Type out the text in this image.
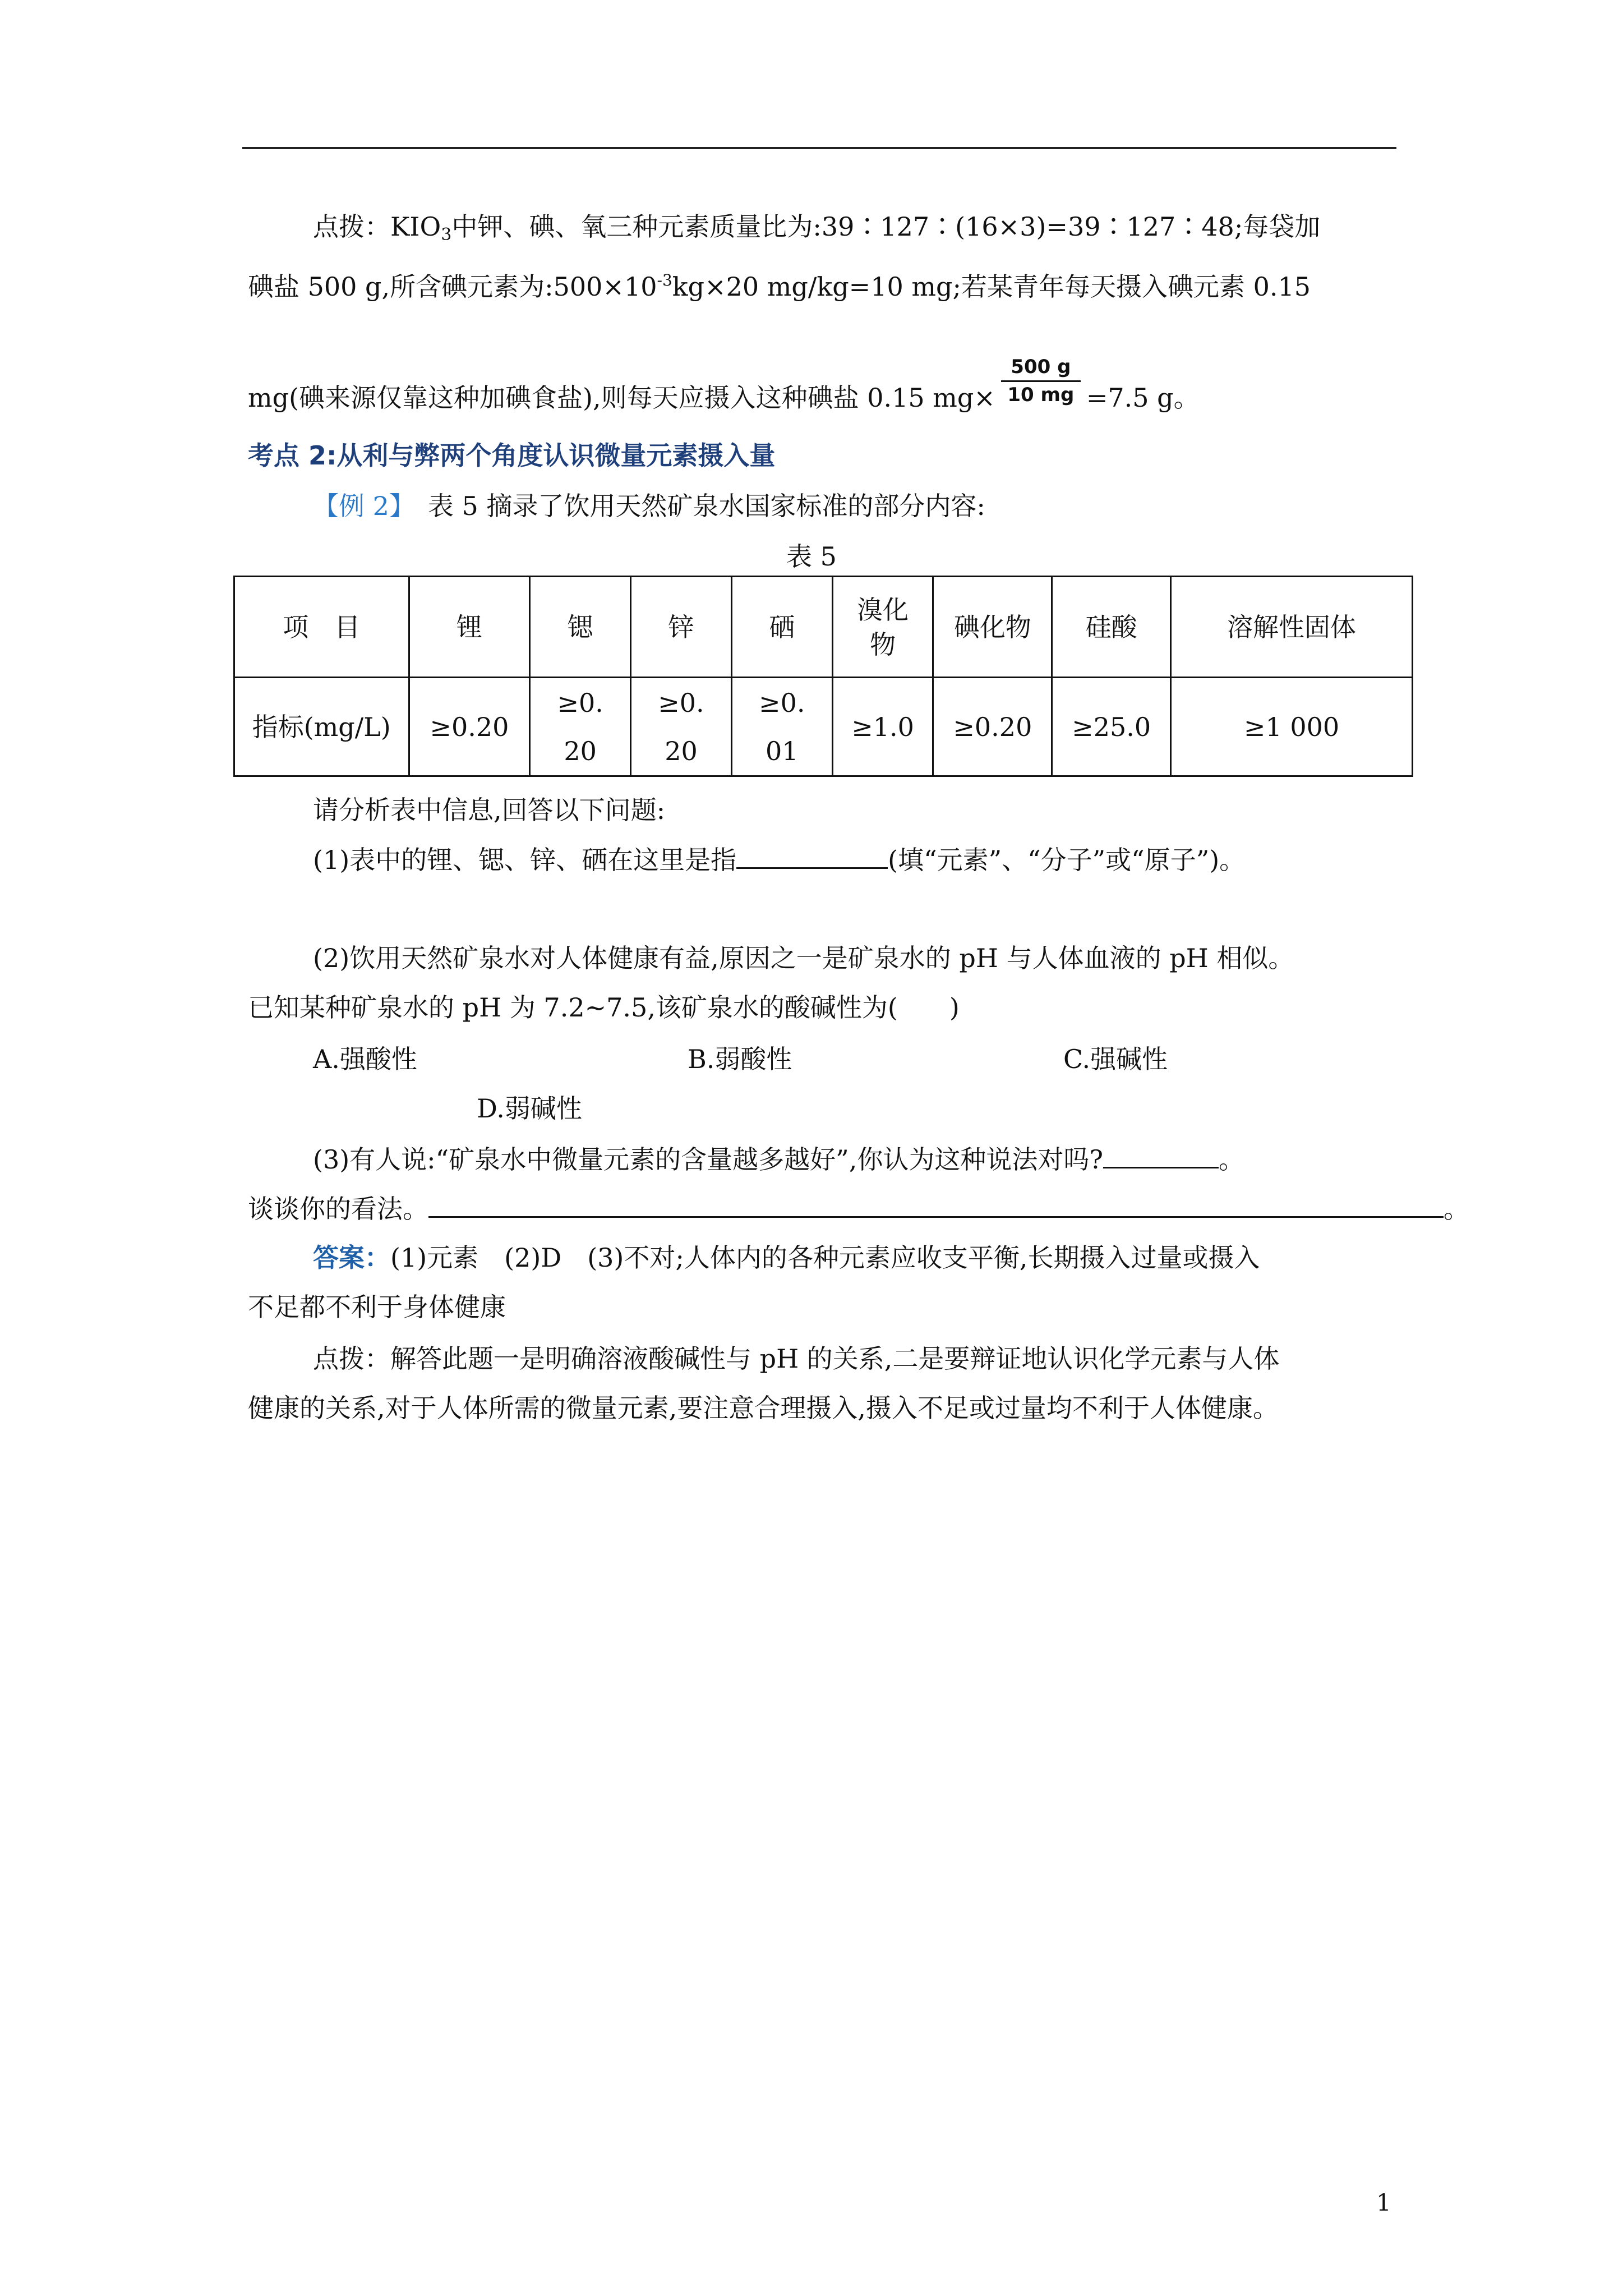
点拨：$KIO_3$中钾、碘、氧三种元素质量比为:39∶127∶(16×3)=39∶127∶48;每袋加
碘盐 500 g,所含碘元素为$:500\times 10^{-3}kg\times 20$ mg/kg=10 mg;若某青年每天摄入碘元素 0.15
mg(碘来源仅靠这种加碘食盐),则每天应摄入这种碘盐 0.15 $mg\times \frac{500 g}{10 mg} =7.5$ g。
考点 2:从利与弊两个角度认识微量元素摄入量
【例 2】　 表 5 摘录了饮用天然矿泉水国家标准的部分内容:
表 5
项　目	锂	锶	锌	硒	溴化物	碘化物	硅酸	溶解性固体
指标(mg/L)	≥0.20	≥0.20	≥0.20	≥0.01	≥1.0	≥0.20	≥25.0	≥1 000
请分析表中信息,回答以下问题:
(1)表中的锂、锶、锌、硒在这里是指	(填“元素”、“分子”或“原子”)。
(2)饮用天然矿泉水对人体健康有益,原因之一是矿泉水的 pH 与人体血液的 pH 相似。
已知某种矿泉水的 pH 为 7.2~7.5,该矿泉水的酸碱性为(　　)
A.强酸性	B.弱酸性	C.强碱性
D.弱碱性
(3)有人说:“矿泉水中微量元素的含量越多越好”,你认为这种说法对吗?	。
谈谈你的看法。	。
答案：(1)元素　(2)D　(3)不对;人体内的各种元素应收支平衡,长期摄入过量或摄入
不足都不利于身体健康
点拨：解答此题一是明确溶液酸碱性与 pH 的关系,二是要辩证地认识化学元素与人体
健康的关系,对于人体所需的微量元素,要注意合理摄入,摄入不足或过量均不利于人体健康。
1
